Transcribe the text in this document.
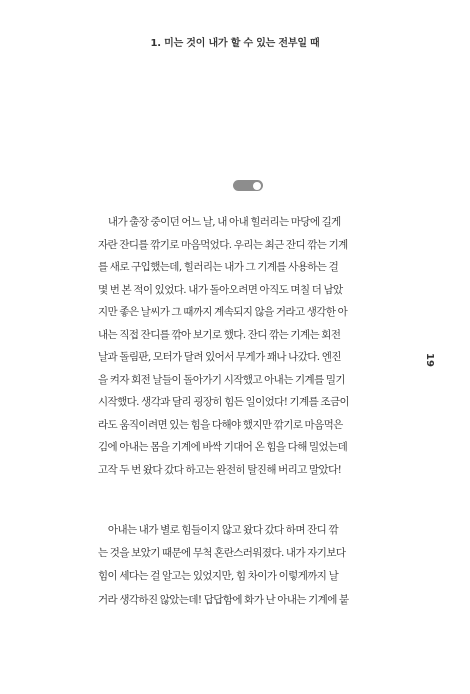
1. 미는 것이 내가 할 수 있는 전부일 때
19
　내가 출장 중이던 어느 날, 내 아내 힐러리는 마당에 길게
자란 잔디를 깎기로 마음먹었다. 우리는 최근 잔디 깎는 기계
를 새로 구입했는데, 힐러리는 내가 그 기계를 사용하는 걸
몇 번 본 적이 있었다. 내가 돌아오려면 아직도 며칠 더 남았
지만 좋은 날씨가 그 때까지 계속되지 않을 거라고 생각한 아
내는 직접 잔디를 깎아 보기로 했다. 잔디 깎는 기계는 회전
날과 돌림판, 모터가 달려 있어서 무게가 꽤나 나갔다. 엔진
을 켜자 회전 날들이 돌아가기 시작했고 아내는 기계를 밀기
시작했다. 생각과 달리 굉장히 힘든 일이었다! 기계를 조금이
라도 움직이려면 있는 힘을 다해야 했지만 깎기로 마음먹은
김에 아내는 몸을 기계에 바싹 기대어 온 힘을 다해 밀었는데
고작 두 번 왔다 갔다 하고는 완전히 탈진해 버리고 말았다!
　아내는 내가 별로 힘들이지 않고 왔다 갔다 하며 잔디 깎
는 것을 보았기 때문에 무척 혼란스러워졌다. 내가 자기보다
힘이 세다는 걸 알고는 있었지만, 힘 차이가 이렇게까지 날
거라 생각하진 않았는데! 답답함에 화가 난 아내는 기계에 붙
